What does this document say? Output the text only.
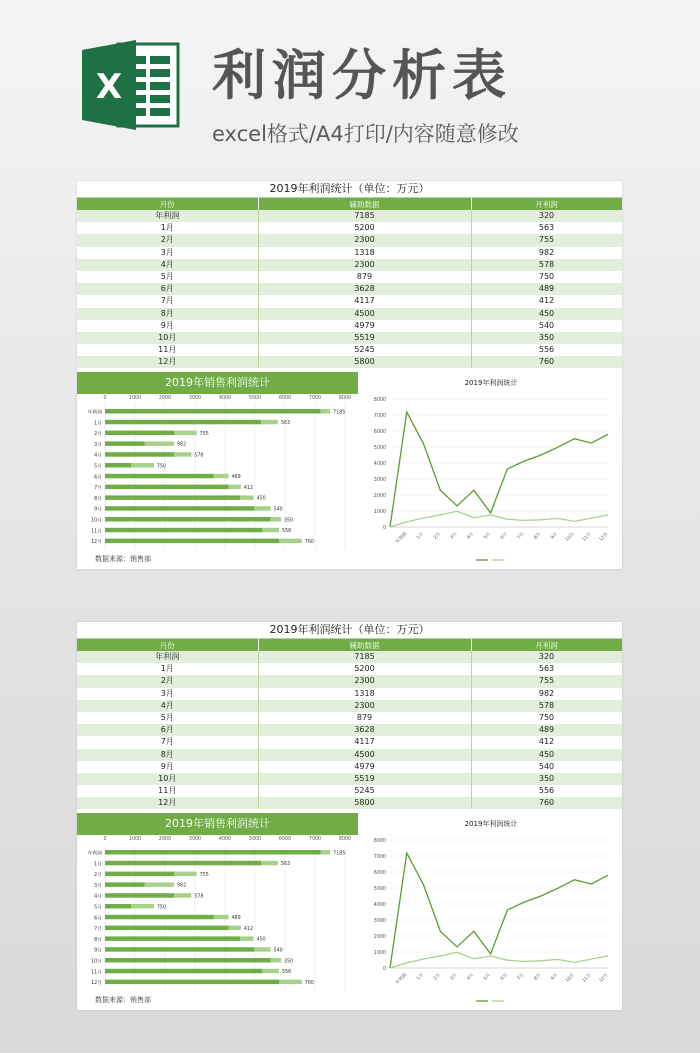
X 利润分析表
excel格式/A4打印/内容随意修改
2019年利润统计（单位：万元）
月份	辅助数据	月利润
年利润	7185	320
1月	5200	563
2月	2300	755
3月	1318	982
4月	2300	578
5月	879	750
6月	3628	489
7月	4117	412
8月	4500	450
9月	4979	540
10月	5519	350
11月	5245	556
12月	5800	760
2019年销售利润统计
0	1000	2000	3000	4000	5000	6000	7000	8000
年利润	7185
1月	563
2月	755
3月	982
4月	578
5月	750
6月	489
7月	412
8月	450
9月	540
10月	350
11月	556
12月	760
数据来源：销售部
2019年利润统计
0
1000
2000
3000
4000
5000
6000
7000
8000
年利润	1月	2月	3月	4月	5月	6月	7月	8月	9月	10月	11月	12月
2019年利润统计（单位：万元）
月份	辅助数据	月利润
年利润	7185	320
1月	5200	563
2月	2300	755
3月	1318	982
4月	2300	578
5月	879	750
6月	3628	489
7月	4117	412
8月	4500	450
9月	4979	540
10月	5519	350
11月	5245	556
12月	5800	760
2019年销售利润统计
0	1000	2000	3000	4000	5000	6000	7000	8000
年利润	7185
1月	563
2月	755
3月	982
4月	578
5月	750
6月	489
7月	412
8月	450
9月	540
10月	350
11月	556
12月	760
数据来源：销售部
2019年利润统计
0
1000
2000
3000
4000
5000
6000
7000
8000
年利润	1月	2月	3月	4月	5月	6月	7月	8月	9月	10月	11月	12月
